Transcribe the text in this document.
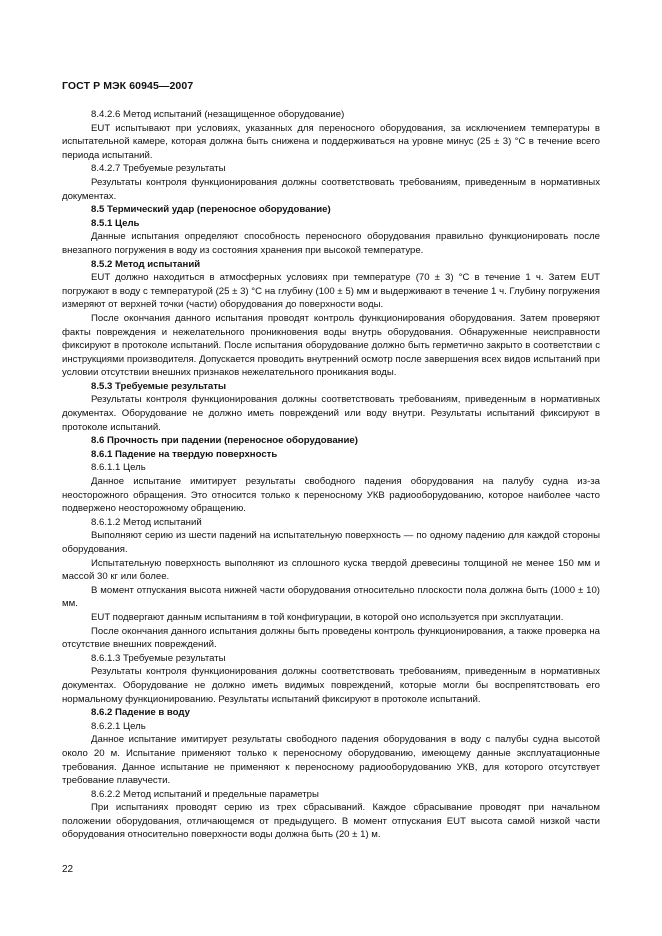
ГОСТ Р МЭК 60945—2007

8.4.2.6 Метод испытаний (незащищенное оборудование)

EUT испытывают при условиях, указанных для переносного оборудования, за исключением температуры в испытательной камере, которая должна быть снижена и поддерживаться на уровне минус (25 ± 3) °С в течение всего периода испытаний.

8.4.2.7 Требуемые результаты

Результаты контроля функционирования должны соответствовать требованиям, приведенным в нормативных документах.

8.5 Термический удар (переносное оборудование)

8.5.1 Цель

Данные испытания определяют способность переносного оборудования правильно функционировать после внезапного погружения в воду из состояния хранения при высокой температуре.

8.5.2 Метод испытаний

EUT должно находиться в атмосферных условиях при температуре (70 ± 3) °С в течение 1 ч. Затем EUT погружают в воду с температурой (25 ± 3) °С на глубину (100 ± 5) мм и выдерживают в течение 1 ч. Глубину погружения измеряют от верхней точки (части) оборудования до поверхности воды.

После окончания данного испытания проводят контроль функционирования оборудования. Затем проверяют факты повреждения и нежелательного проникновения воды внутрь оборудования. Обнаруженные неисправности фиксируют в протоколе испытаний. После испытания оборудование должно быть герметично закрыто в соответствии с инструкциями производителя. Допускается проводить внутренний осмотр после завершения всех видов испытаний при условии отсутствии внешних признаков нежелательного проникания воды.

8.5.3 Требуемые результаты

Результаты контроля функционирования должны соответствовать требованиям, приведенным в нормативных документах. Оборудование не должно иметь повреждений или воду внутри. Результаты испытаний фиксируют в протоколе испытаний.

8.6 Прочность при падении (переносное оборудование)

8.6.1 Падение на твердую поверхность

8.6.1.1 Цель

Данное испытание имитирует результаты свободного падения оборудования на палубу судна из-за неосторожного обращения. Это относится только к переносному УКВ радиооборудованию, которое наиболее часто подвержено неосторожному обращению.

8.6.1.2 Метод испытаний

Выполняют серию из шести падений на испытательную поверхность — по одному падению для каждой стороны оборудования.

Испытательную поверхность выполняют из сплошного куска твердой древесины толщиной не менее 150 мм и массой 30 кг или более.

В момент отпускания высота нижней части оборудования относительно плоскости пола должна быть (1000 ± 10) мм.

EUT подвергают данным испытаниям в той конфигурации, в которой оно используется при эксплуатации.

После окончания данного испытания должны быть проведены контроль функционирования, а также проверка на отсутствие внешних повреждений.

8.6.1.3 Требуемые результаты

Результаты контроля функционирования должны соответствовать требованиям, приведенным в нормативных документах. Оборудование не должно иметь видимых повреждений, которые могли бы воспрепятствовать его нормальному функционированию. Результаты испытаний фиксируют в протоколе испытаний.

8.6.2 Падение в воду

8.6.2.1 Цель

Данное испытание имитирует результаты свободного падения оборудования в воду с палубы судна высотой около 20 м. Испытание применяют только к переносному оборудованию, имеющему данные эксплуатационные требования. Данное испытание не применяют к переносному радиооборудованию УКВ, для которого отсутствует требование плавучести.

8.6.2.2 Метод испытаний и предельные параметры

При испытаниях проводят серию из трех сбрасываний. Каждое сбрасывание проводят при начальном положении оборудования, отличающемся от предыдущего. В момент отпускания EUT высота самой низкой части оборудования относительно поверхности воды должна быть (20 ± 1) м.

22
